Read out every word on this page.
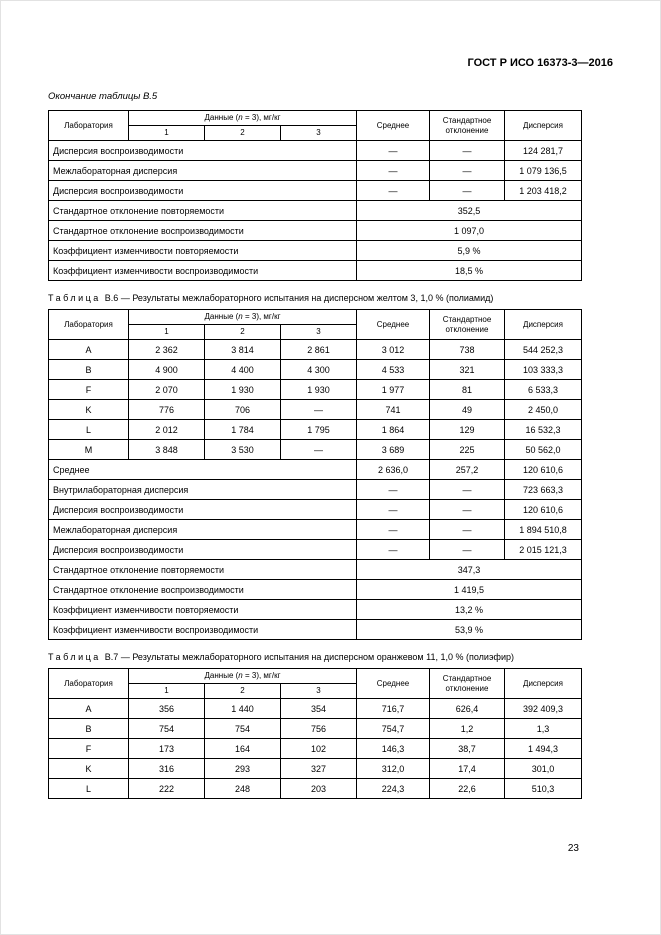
ГОСТ Р ИСО 16373-3—2016
Окончание таблицы В.5
Лаборатория	Данные (n = 3), мг/кг			Среднее	Стандартное отклонение	Дисперсия
	1	2	3			
Дисперсия воспроизводимости				—	—	124 281,7
Межлабораторная дисперсия				—	—	1 079 136,5
Дисперсия воспроизводимости				—	—	1 203 418,2
Стандартное отклонение повторяемости				352,5		
Стандартное отклонение воспроизводимости				1 097,0		
Коэффициент изменчивости повторяемости				5,9 %		
Коэффициент изменчивости воспроизводимости				18,5 %		

Таблица В.6 — Результаты межлабораторного испытания на дисперсном желтом 3, 1,0 % (полиамид)

Лаборатория	Данные (n = 3), мг/кг			Среднее	Стандартное отклонение	Дисперсия
	1	2	3			
A	2 362	3 814	2 861	3 012	738	544 252,3
B	4 900	4 400	4 300	4 533	321	103 333,3
F	2 070	1 930	1 930	1 977	81	6 533,3
K	776	706	—	741	49	2 450,0
L	2 012	1 784	1 795	1 864	129	16 532,3
M	3 848	3 530	—	3 689	225	50 562,0
Среднее				2 636,0	257,2	120 610,6
Внутрилабораторная дисперсия				—	—	723 663,3
Дисперсия воспроизводимости				—	—	120 610,6
Межлабораторная дисперсия				—	—	1 894 510,8
Дисперсия воспроизводимости				—	—	2 015 121,3
Стандартное отклонение повторяемости				347,3		
Стандартное отклонение воспроизводимости				1 419,5		
Коэффициент изменчивости повторяемости				13,2 %		
Коэффициент изменчивости воспроизводимости				53,9 %		

Таблица В.7 — Результаты межлабораторного испытания на дисперсном оранжевом 11, 1,0 % (полиэфир)

Лаборатория	Данные (n = 3), мг/кг			Среднее	Стандартное отклонение	Дисперсия
	1	2	3			
A	356	1 440	354	716,7	626,4	392 409,3
B	754	754	756	754,7	1,2	1,3
F	173	164	102	146,3	38,7	1 494,3
K	316	293	327	312,0	17,4	301,0
L	222	248	203	224,3	22,6	510,3
23
